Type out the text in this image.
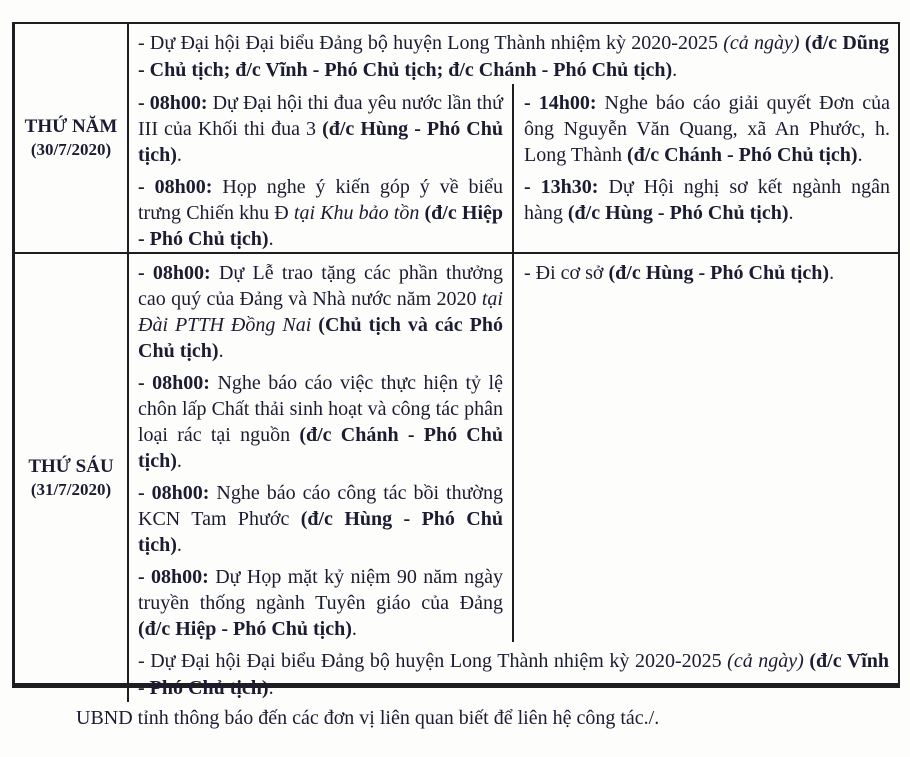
THỨ NĂM
(30/7/2020)

- Dự Đại hội Đại biểu Đảng bộ huyện Long Thành nhiệm kỳ 2020-2025 (cả ngày) (đ/c Dũng - Chủ tịch; đ/c Vĩnh - Phó Chủ tịch; đ/c Chánh - Phó Chủ tịch).

- 08h00: Dự Đại hội thi đua yêu nước lần thứ III của Khối thi đua 3 (đ/c Hùng - Phó Chủ tịch).

- 08h00: Họp nghe ý kiến góp ý về biểu trưng Chiến khu Đ tại Khu bảo tồn (đ/c Hiệp - Phó Chủ tịch).

- 14h00: Nghe báo cáo giải quyết Đơn của ông Nguyễn Văn Quang, xã An Phước, h. Long Thành (đ/c Chánh - Phó Chủ tịch).

- 13h30: Dự Hội nghị sơ kết ngành ngân hàng (đ/c Hùng - Phó Chủ tịch).

THỨ SÁU
(31/7/2020)

- 08h00: Dự Lễ trao tặng các phần thưởng cao quý của Đảng và Nhà nước năm 2020 tại Đài PTTH Đồng Nai (Chủ tịch và các Phó Chủ tịch).

- 08h00: Nghe báo cáo việc thực hiện tỷ lệ chôn lấp Chất thải sinh hoạt và công tác phân loại rác tại nguồn (đ/c Chánh - Phó Chủ tịch).

- 08h00: Nghe báo cáo công tác bồi thường KCN Tam Phước (đ/c Hùng - Phó Chủ tịch).

- 08h00: Dự Họp mặt kỷ niệm 90 năm ngày truyền thống ngành Tuyên giáo của Đảng (đ/c Hiệp - Phó Chủ tịch).

- Đi cơ sở (đ/c Hùng - Phó Chủ tịch).

- Dự Đại hội Đại biểu Đảng bộ huyện Long Thành nhiệm kỳ 2020-2025 (cả ngày) (đ/c Vĩnh - Phó Chủ tịch).

UBND tỉnh thông báo đến các đơn vị liên quan biết để liên hệ công tác./.
